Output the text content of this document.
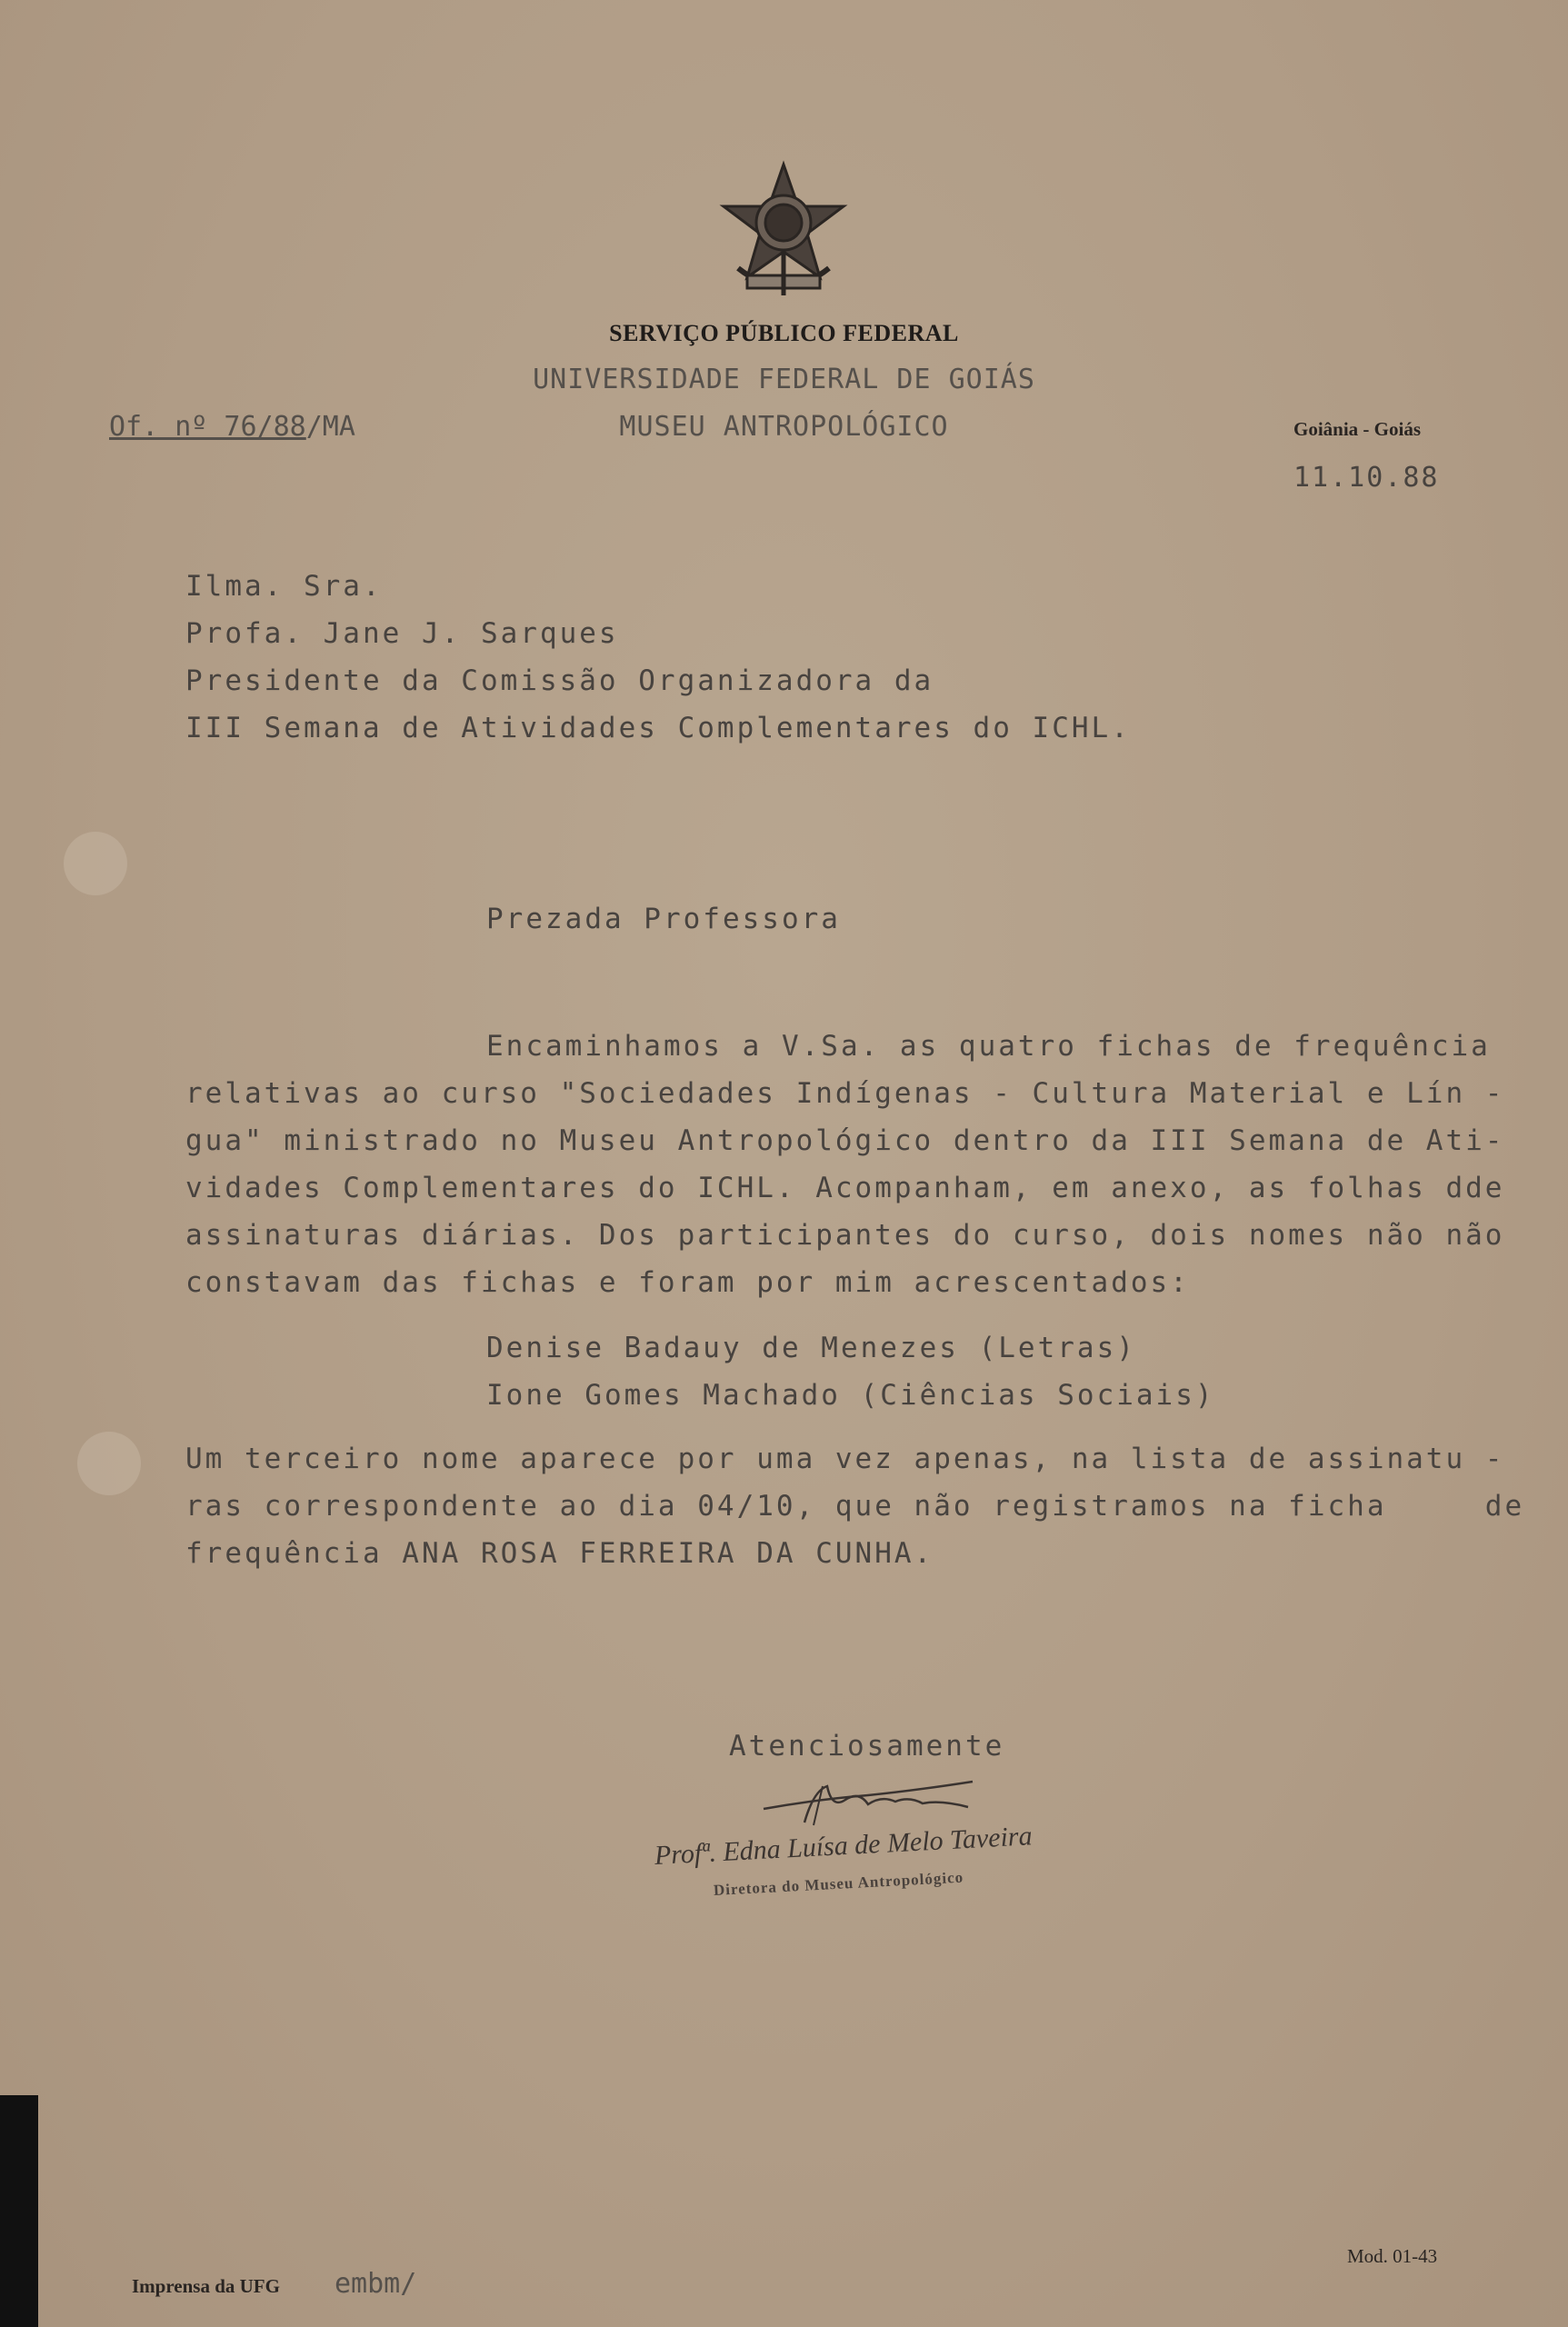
SERVIÇO PÚBLICO FEDERAL
UNIVERSIDADE FEDERAL DE GOIÁS
MUSEU ANTROPOLÓGICO
Of. nº 76/88/MA	Goiânia - Goiás
11.10.88
Ilma. Sra.
Profa. Jane J. Sarques
Presidente da Comissão Organizadora da
III Semana de Atividades Complementares do ICHL.
Prezada Professora
Encaminhamos a V.Sa. as quatro fichas de frequência
relativas ao curso "Sociedades Indígenas - Cultura Material e Lín -
gua" ministrado no Museu Antropológico dentro da III Semana de Ati-
vidades Complementares do ICHL. Acompanham, em anexo, as folhas dde
assinaturas diárias. Dos participantes do curso, dois nomes não não
constavam das fichas e foram por mim acrescentados:
Denise Badauy de Menezes (Letras)
Ione Gomes Machado (Ciências Sociais)
Um terceiro nome aparece por uma vez apenas, na lista de assinatu -
ras correspondente ao dia 04/10, que não registramos na ficha     de
frequência ANA ROSA FERREIRA DA CUNHA.
Atenciosamente
Profª. Edna Luísa de Melo Taveira
Diretora do Museu Antropológico
Mod. 01-43
Imprensa da UFG embm/
